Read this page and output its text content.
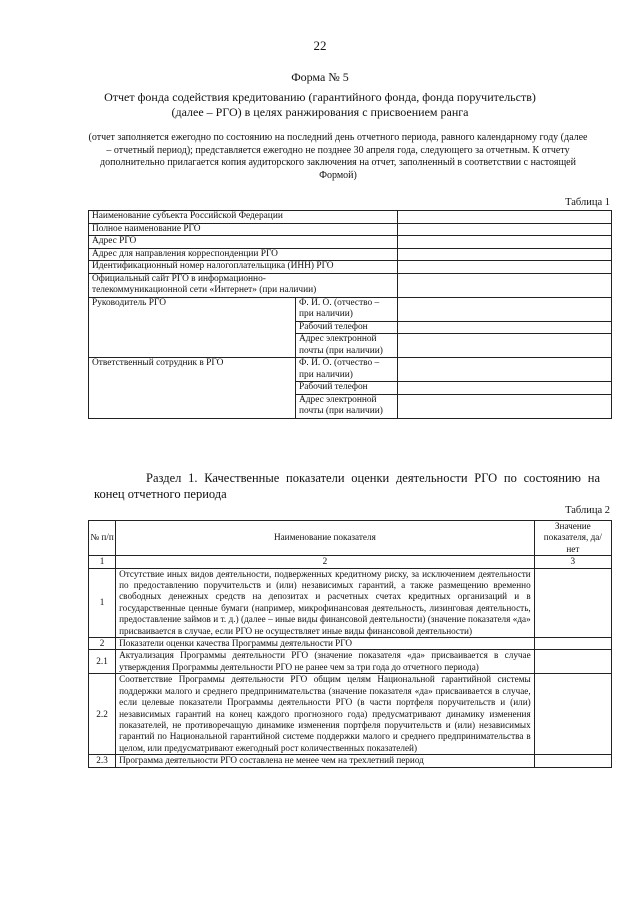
22
Форма № 5
Отчет фонда содействия кредитованию (гарантийного фонда, фонда поручительств) (далее – РГО) в целях ранжирования с присвоением ранга
(отчет заполняется ежегодно по состоянию на последний день отчетного периода, равного календарному году (далее – отчетный период); представляется ежегодно не позднее 30 апреля года, следующего за отчетным. К отчету дополнительно прилагается копия аудиторского заключения на отчет, заполненный в соответствии с настоящей Формой)
Таблица 1
Наименование субъекта Российской Федерации		
Полное наименование РГО		
Адрес РГО		
Адрес для направления корреспонденции РГО		
Идентификационный номер налогоплательщика (ИНН) РГО		
Официальный сайт РГО в информационно-телекоммуникационной сети «Интернет» (при наличии)		
Руководитель РГО	Ф. И. О. (отчество – при наличии)	
	Рабочий телефон	
	Адрес электронной почты (при наличии)	
Ответственный сотрудник в РГО	Ф. И. О. (отчество – при наличии)	
	Рабочий телефон	
	Адрес электронной почты (при наличии)	
Раздел 1. Качественные показатели оценки деятельности РГО по состоянию на конец отчетного периода
Таблица 2
№ п/п	Наименование показателя	Значение показателя, да/нет
1	2	3
1	Отсутствие иных видов деятельности, подверженных кредитному риску, за исключением деятельности по предоставлению поручительств и (или) независимых гарантий, а также размещению временно свободных денежных средств на депозитах и расчетных счетах кредитных организаций и в государственные ценные бумаги (например, микрофинансовая деятельность, лизинговая деятельность, предоставление займов и т. д.) (далее – иные виды финансовой деятельности) (значение показателя «да» присваивается в случае, если РГО не осуществляет иные виды финансовой деятельности)	
2	Показатели оценки качества Программы деятельности РГО	
2.1	Актуализация Программы деятельности РГО (значение показателя «да» присваивается в случае утверждения Программы деятельности РГО не ранее чем за три года до отчетного периода)	
2.2	Соответствие Программы деятельности РГО общим целям Национальной гарантийной системы поддержки малого и среднего предпринимательства (значение показателя «да» присваивается в случае, если целевые показатели Программы деятельности РГО (в части портфеля поручительств и (или) независимых гарантий на конец каждого прогнозного года) предусматривают динамику изменения показателей, не противоречащую динамике изменения портфеля поручительств и (или) независимых гарантий по Национальной гарантийной системе поддержки малого и среднего предпринимательства в целом, или предусматривают ежегодный рост количественных показателей)	
2.3	Программа деятельности РГО составлена не менее чем на трехлетний период	
